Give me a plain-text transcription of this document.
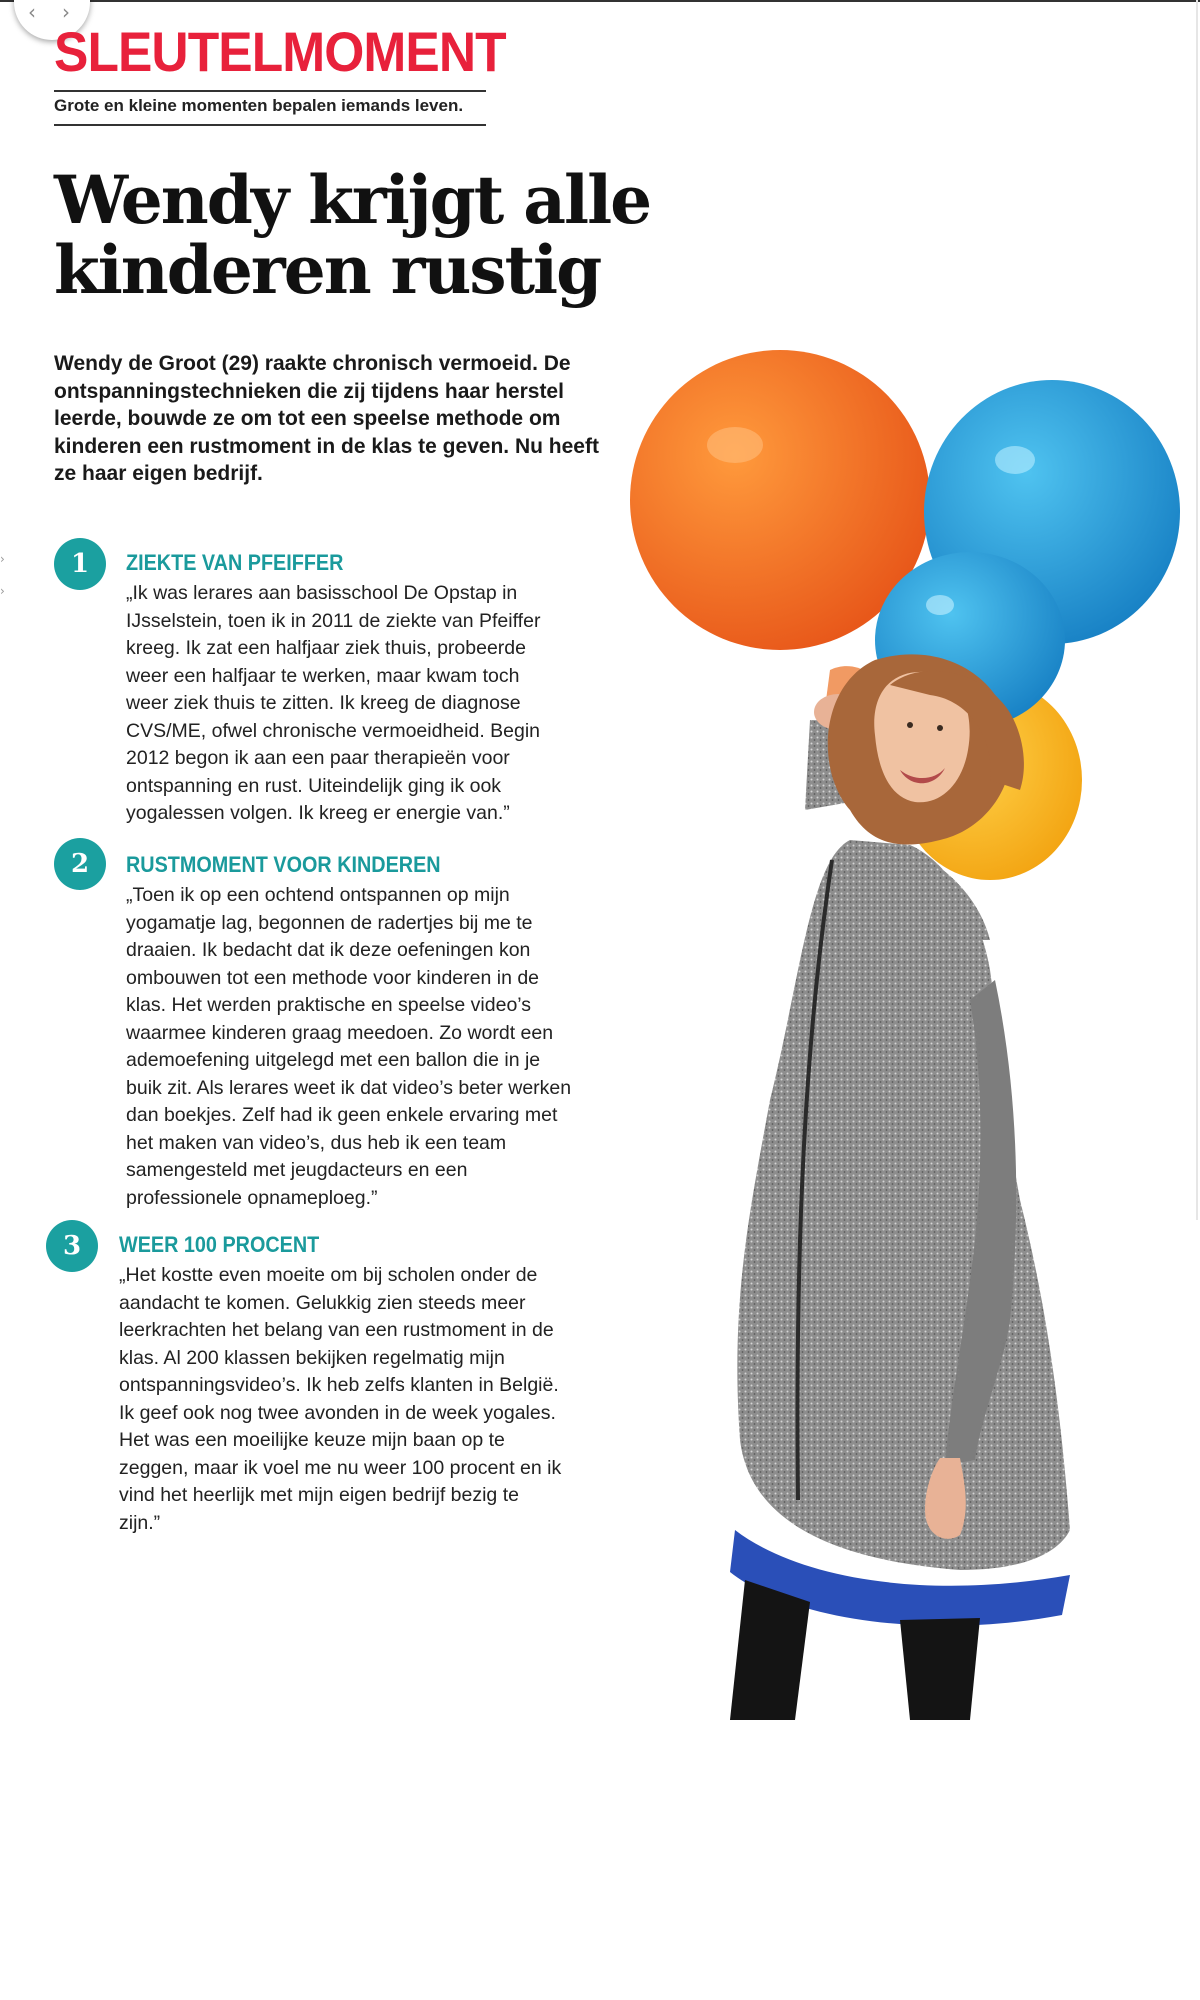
‹ ›
›
›
SLEUTELMOMENT
Grote en kleine momenten bepalen iemands leven.
Wendy krijgt alle kinderen rustig
Wendy de Groot (29) raakte chronisch vermoeid. De ontspanningstechnieken die zij tijdens haar herstel leerde, bouwde ze om tot een speelse methode om kinderen een rustmoment in de klas te geven. Nu heeft ze haar eigen bedrijf.
1	ZIEKTE VAN PFEIFFER
„Ik was lerares aan basisschool De Opstap in IJsselstein, toen ik in 2011 de ziekte van Pfeiffer kreeg. Ik zat een halfjaar ziek thuis, probeerde weer een halfjaar te werken, maar kwam toch weer ziek thuis te zitten. Ik kreeg de diagnose CVS/ME, ofwel chronische vermoeidheid. Begin 2012 begon ik aan een paar therapieën voor ontspanning en rust. Uiteindelijk ging ik ook yogalessen volgen. Ik kreeg er energie van.”
2	RUSTMOMENT VOOR KINDEREN
„Toen ik op een ochtend ontspannen op mijn yogamatje lag, begonnen de radertjes bij me te draaien. Ik bedacht dat ik deze oefeningen kon ombouwen tot een methode voor kinderen in de klas. Het werden praktische en speelse video’s waarmee kinderen graag meedoen. Zo wordt een ademoefening uitgelegd met een ballon die in je buik zit. Als lerares weet ik dat video’s beter werken dan boekjes. Zelf had ik geen enkele ervaring met het maken van video’s, dus heb ik een team samengesteld met jeugdacteurs en een professionele opnameploeg.”
3	WEER 100 PROCENT
„Het kostte even moeite om bij scholen onder de aandacht te komen. Gelukkig zien steeds meer leerkrachten het belang van een rustmoment in de klas. Al 200 klassen bekijken regelmatig mijn ontspanningsvideo’s. Ik heb zelfs klanten in België. Ik geef ook nog twee avonden in de week yogales. Het was een moeilijke keuze mijn baan op te zeggen, maar ik voel me nu weer 100 procent en ik vind het heerlijk met mijn eigen bedrijf bezig te zijn.”
